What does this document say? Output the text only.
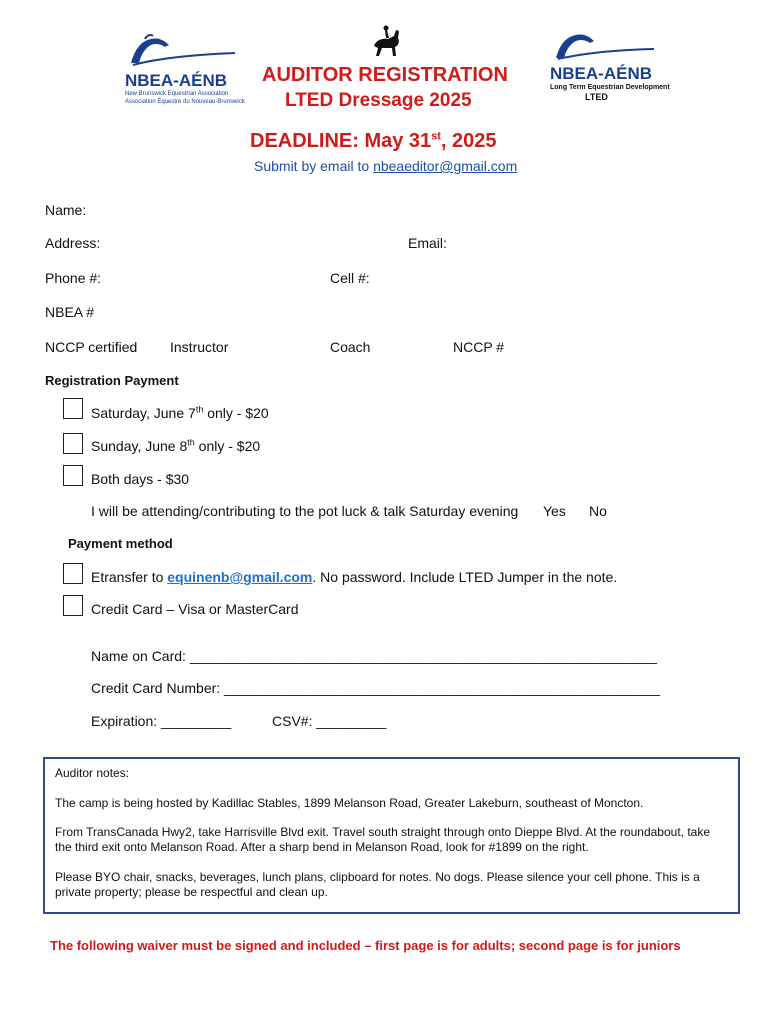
NBEA-AÉNB
New Brunswick Equestrian Association
Association Équestre du Nouveau-Brunswick
NBEA-AÉNB
Long Term Equestrian Development
LTED
AUDITOR REGISTRATION
LTED Dressage 2025
DEADLINE: May 31st, 2025
Submit by email to nbeaeditor@gmail.com
Name:
Address:	Email:
Phone #:	Cell #:
NBEA #
NCCP certified Instructor	Coach	NCCP #
Registration Payment
Saturday, June 7th only - $20
Sunday, June 8th only - $20
Both days - $30
I will be attending/contributing to the pot luck & talk Saturday evening Yes No
Payment method
Etransfer to equinenb@gmail.com. No password. Include LTED Jumper in the note.
Credit Card – Visa or MasterCard
Name on Card: ____________________________________________________________
Credit Card Number: ________________________________________________________
Expiration: _________	CSV#: _________
Auditor notes:
The camp is being hosted by Kadillac Stables, 1899 Melanson Road, Greater Lakeburn, southeast of Moncton.
From TransCanada Hwy2, take Harrisville Blvd exit. Travel south straight through onto Dieppe Blvd. At the roundabout, take the third exit onto Melanson Road. After a sharp bend in Melanson Road, look for #1899 on the right.
Please BYO chair, snacks, beverages, lunch plans, clipboard for notes. No dogs. Please silence your cell phone. This is a private property; please be respectful and clean up.
The following waiver must be signed and included – first page is for adults; second page is for juniors
